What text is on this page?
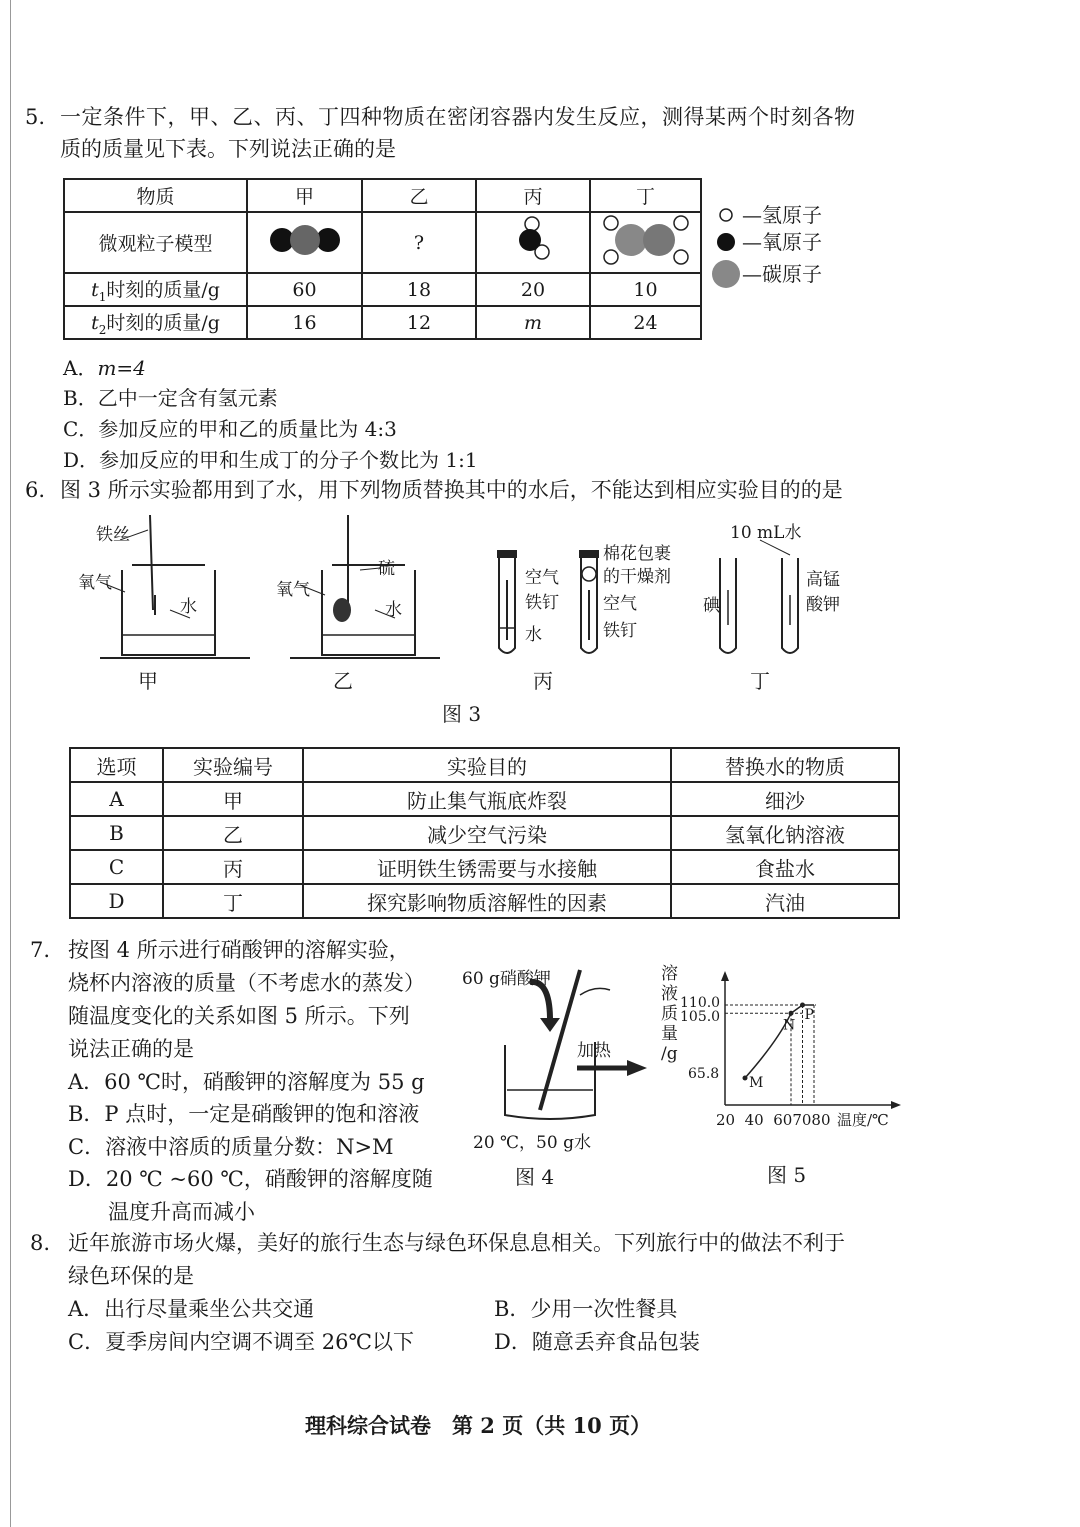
5. 一定条件下，甲、乙、丙、丁四种物质在密闭容器内发生反应，测得某两个时刻各物
质的质量见下表。下列说法正确的是
物质	甲	乙	丙	丁
微观粒子模型		?		
$t_1$时刻的质量/g	60	18	20	10
$t_2$时刻的质量/g	16	12	m	24
—氢原子
—氧原子
—碳原子
A．m=4
B．乙中一定含有氢元素
C．参加反应的甲和乙的质量比为 4:3
D．参加反应的甲和生成丁的分子个数比为 1:1
6. 图 3 所示实验都用到了水，用下列物质替换其中的水后，不能达到相应实验目的的是
铁丝
氧气
水
甲
硫
氧气
水
乙
空气
铁钉
水
棉花包裹
的干燥剂
空气
铁钉
丙
10 mL水
碘
高锰
酸钾
丁
图 3
选项	实验编号	实验目的	替换水的物质
A	甲	防止集气瓶底炸裂	细沙
B	乙	减少空气污染	氢氧化钠溶液
C	丙	证明铁生锈需要与水接触	食盐水
D	丁	探究影响物质溶解性的因素	汽油
7. 按图 4 所示进行硝酸钾的溶解实验，
烧杯内溶液的质量（不考虑水的蒸发）
随温度变化的关系如图 5 所示。下列
说法正确的是
A．60 ℃时，硝酸钾的溶解度为 55 g
B．P 点时，一定是硝酸钾的饱和溶液
C．溶液中溶质的质量分数：N>M
D．20 ℃ ~60 ℃，硝酸钾的溶解度随
温度升高而减小
60 g硝酸钾
加热
20 ℃，50 g水
图 4
溶
液
质
量
/g
110.0
105.0
65.8
M
N
P
20  40  607080 温度/℃
图 5
8. 近年旅游市场火爆，美好的旅行生态与绿色环保息息相关。下列旅行中的做法不利于
绿色环保的是
A．出行尽量乘坐公共交通	B．少用一次性餐具
C．夏季房间内空调不调至 26℃以下	D．随意丢弃食品包装
理科综合试卷　第 2 页（共 10 页）
